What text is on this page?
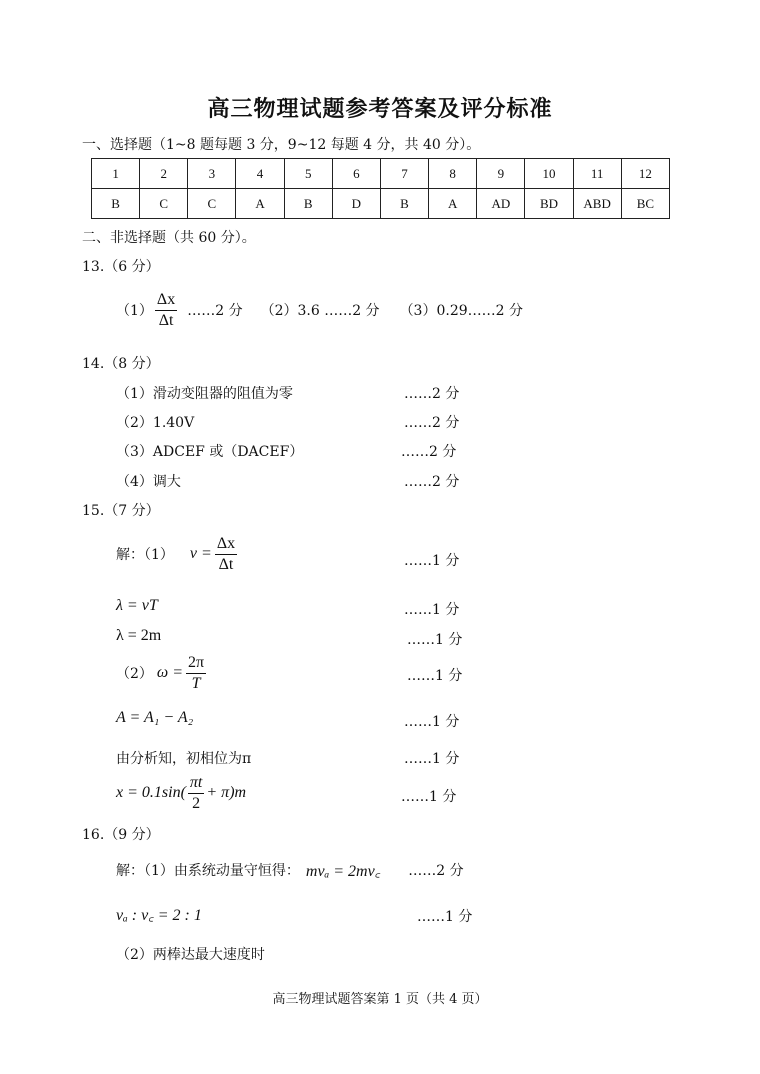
高三物理试题参考答案及评分标准
一、选择题（1~8 题每题 3 分，9~12 每题 4 分，共 40 分）。
1	2	3	4	5	6	7	8	9	10	11	12
B	C	C	A	B	D	B	A	AD	BD	ABD	BC
二、非选择题（共 60 分）。
13.（6 分）
$(1) \frac{\Delta x}{\Delta t}$ ……2 分 （2）3.6 ……2 分 （3）0.29……2 分
14.（8 分）
（1）滑动变阻器的阻值为零	……2 分
（2）1.40V	……2 分
（3）ADCEF 或（DACEF）	……2 分
（4）调大	……2 分
15.（7 分）
解：（1） $v = \frac{\Delta x}{\Delta t}$	……1 分
λ = vT	……1 分
λ = 2m	……1 分
（2） $\omega = \frac{2\pi}{T}$	……1 分
A = A₁ − A₂	……1 分
由分析知，初相位为π	……1 分
$x = 0.1\sin( \frac{\pi t}{2} + \pi)m$	……1 分
16.（9 分）
解：（1）由系统动量守恒得： mvₐ = 2mv꜀ ……2 分
vₐ : v꜀ = 2 : 1	……1 分
（2）两棒达最大速度时
高三物理试题答案第 1 页（共 4 页）
